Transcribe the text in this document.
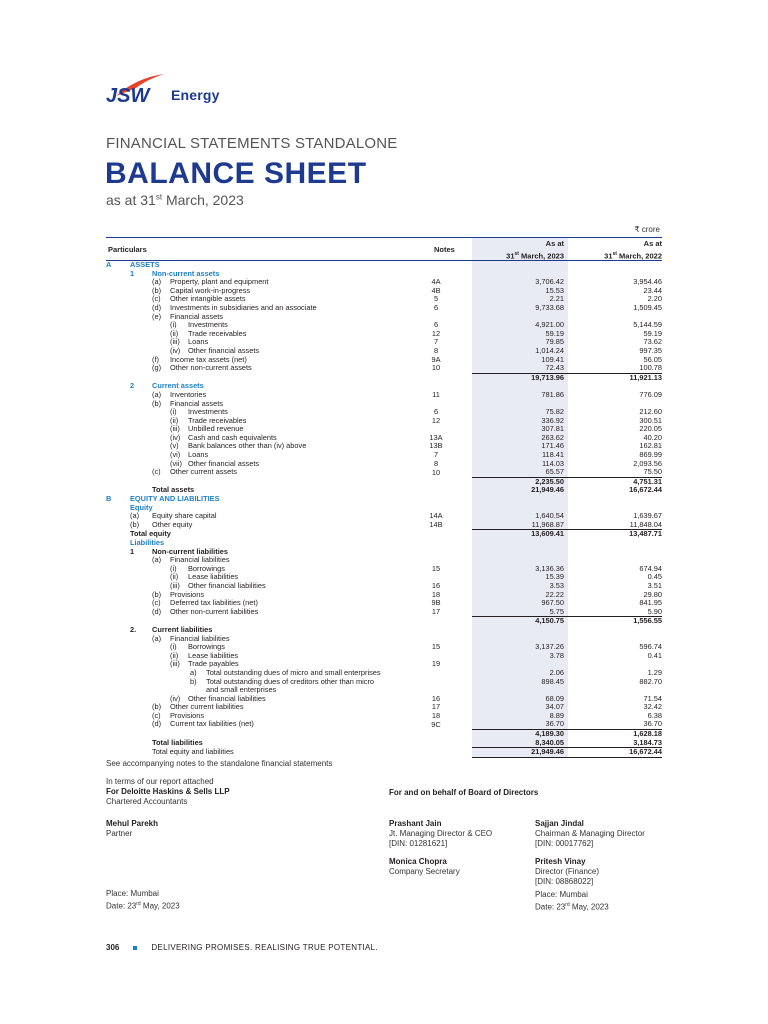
JSW Energy
FINANCIAL STATEMENTS STANDALONE
BALANCE SHEET
as at 31st March, 2023
₹ crore
Particulars	Notes
As at
31st March, 2023
As at
31st March, 2022
A ASSETS				

1 Non-current assets				

(a) Property, plant and equipment	4A		3,706.42	3,954.46

(b) Capital work-in-progress	4B		15.53	23.44

(c) Other intangible assets	5		2.21	2.20

(d) Investments in subsidiaries and an associate	6		9,733.68	1,509.45

(e) Financial assets				

(i) Investments	6		4,921.00	5,144.59

(ii) Trade receivables	12		59.19	59.19

(iii) Loans	7		79.85	73.62

(iv) Other financial assets	8		1,014.24	997.35

(f) Income tax assets (net)	9A		109.41	56.05

(g) Other non-current assets	10		72.43	100.78
			19,713.96	11,921.13

2 Current assets				

(a) Inventories	11		781.86	776.09

(b) Financial assets				

(i) Investments	6		75.82	212.60

(ii) Trade receivables	12		336.92	300.51

(iii) Unbilled revenue			307.81	220.05

(iv) Cash and cash equivalents	13A		263.62	40.20

(v) Bank balances other than (iv) above	13B		171.46	162.81

(vi) Loans	7		118.41	869.99

(vii) Other financial assets	8		114.03	2,093.56

(c) Other current assets	10		65.57	75.50
			2,235.50	4,751.31

Total assets			21,949.46	16,672.44

B EQUITY AND LIABILITIES				

Equity				

(a) Equity share capital	14A		1,640.54	1,639.67

(b) Other equity	14B		11,968.87	11,848.04

Total equity			13,609.41	13,487.71

Liabilities				

1 Non-current liabilities				

(a) Financial liabilities				

(i) Borrowings	15		3,136.36	674.94

(ii) Lease liabilities			15.39	0.45

(iii) Other financial liabilities	16		3.53	3.51

(b) Provisions	18		22.22	29.80

(c) Deferred tax liabilities (net)	9B		967.50	841.95

(d) Other non-current liabilities	17		5.75	5.90
			4,150.75	1,556.55

2. Current liabilities				

(a) Financial liabilities				

(i) Borrowings	15		3,137.26	596.74

(ii) Lease liabilities			3.78	0.41

(iii) Trade payables	19			

a) Total outstanding dues of micro and small enterprises			2.06	1.29

b) Total outstanding dues of creditors other than micro			898.45	882.70

and small enterprises				

(iv) Other financial liabilities	16		68.09	71.54

(b) Other current liabilities	17		34.07	32.42

(c) Provisions	18		8.89	6.38

(d) Current tax liabilities (net)	9C		36.70	36.70
			4,189.30	1,628.18

Total liabilities			8,340.05	3,184.73

Total equity and liabilities			21,949.46	16,672.44
See accompanying notes to the standalone financial statements
In terms of our report attached
For Deloitte Haskins & Sells LLP
Chartered Accountants
Mehul Parekh
Partner
Place: Mumbai
Date: 23rd May, 2023
For and on behalf of Board of Directors
Prashant Jain
Jt. Managing Director & CEO
[DIN: 01281621]
Sajjan Jindal
Chairman & Managing Director
[DIN: 00017762]
Monica Chopra
Company Secretary
Pritesh Vinay
Director (Finance)
[DIN: 08868022]
Place: Mumbai
Date: 23rd May, 2023
306	DELIVERING PROMISES. REALISING TRUE POTENTIAL.
